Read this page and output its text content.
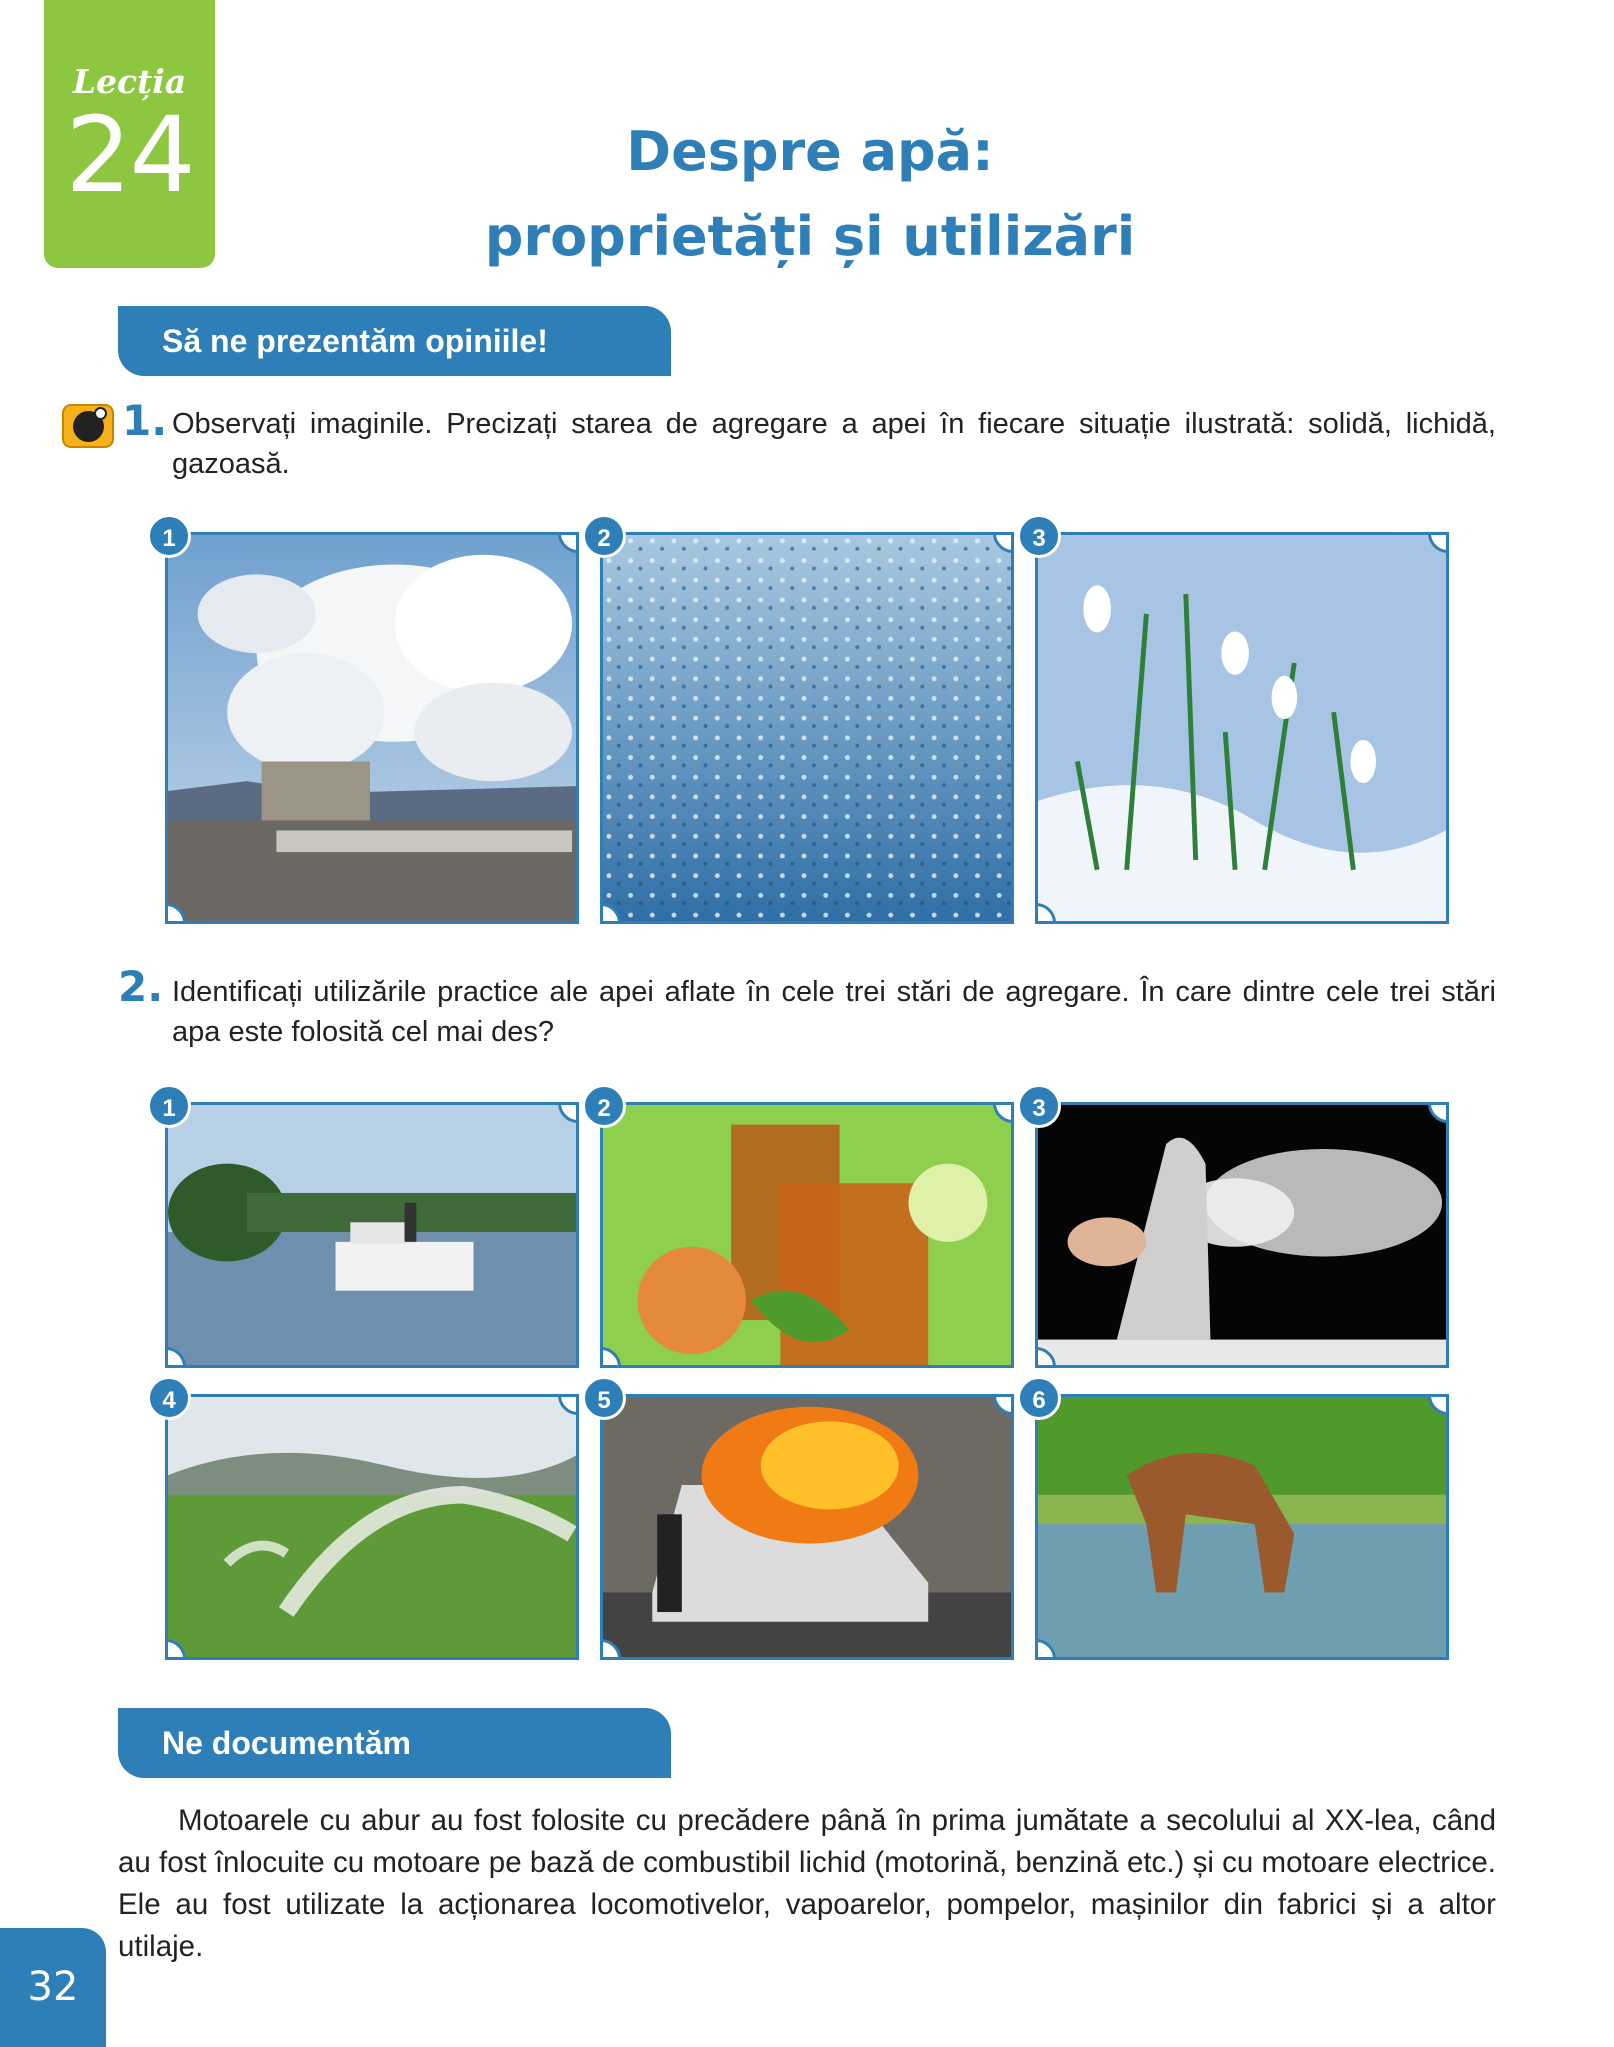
Lecția
24	Despre apă:
proprietăți și utilizări
Să ne prezentăm opiniile!
1. Observați imaginile. Precizați starea de agregare a apei în fiecare situație ilustrată: solidă, lichidă, gazoasă.
2. Identificați utilizările practice ale apei aflate în cele trei stări de agregare. În care dintre cele trei stări apa este folosită cel mai des?
Ne documentăm
Motoarele cu abur au fost folosite cu precădere până în prima jumătate a secolului al XX-lea, când au fost înlocuite cu motoare pe bază de combustibil lichid (motorină, benzină etc.) și cu motoare electrice. Ele au fost utilizate la acționarea locomotivelor, vapoarelor, pompelor, mașinilor din fabrici și a altor utilaje.
32
1	2	3
1	2	3
4	5	6
